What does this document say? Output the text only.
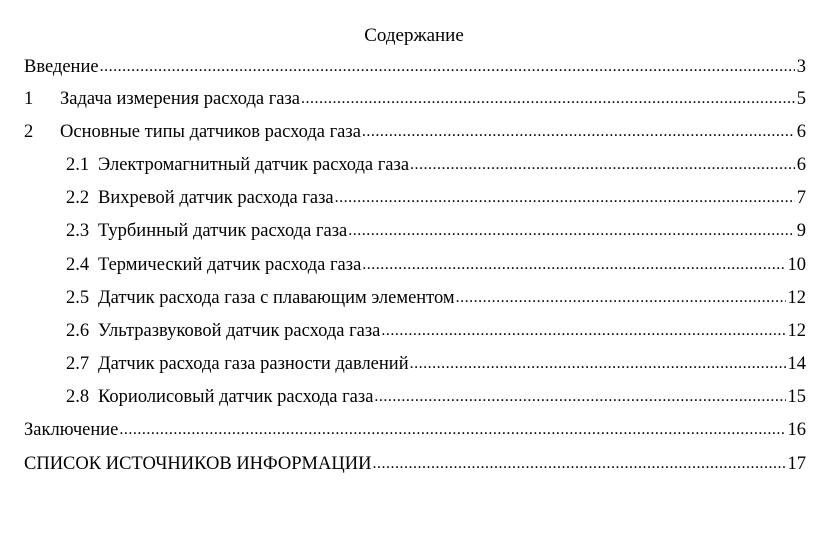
Содержание
Введение .....	3
1	Задача измерения расхода газа .....	5
2	Основные типы датчиков расхода газа .....	6
2.1 Электромагнитный датчик расхода газа .....	6
2.2 Вихревой датчик расхода газа .....	7
2.3 Турбинный датчик расхода газа .....	9
2.4 Термический датчик расхода газа .....	10
2.5 Датчик расхода газа с плавающим элементом .....	12
2.6 Ультразвуковой датчик расхода газа .....	12
2.7 Датчик расхода газа разности давлений .....	14
2.8 Кориолисовый датчик расхода газа .....	15
Заключение .....	16
СПИСОК ИСТОЧНИКОВ ИНФОРМАЦИИ .....	17
